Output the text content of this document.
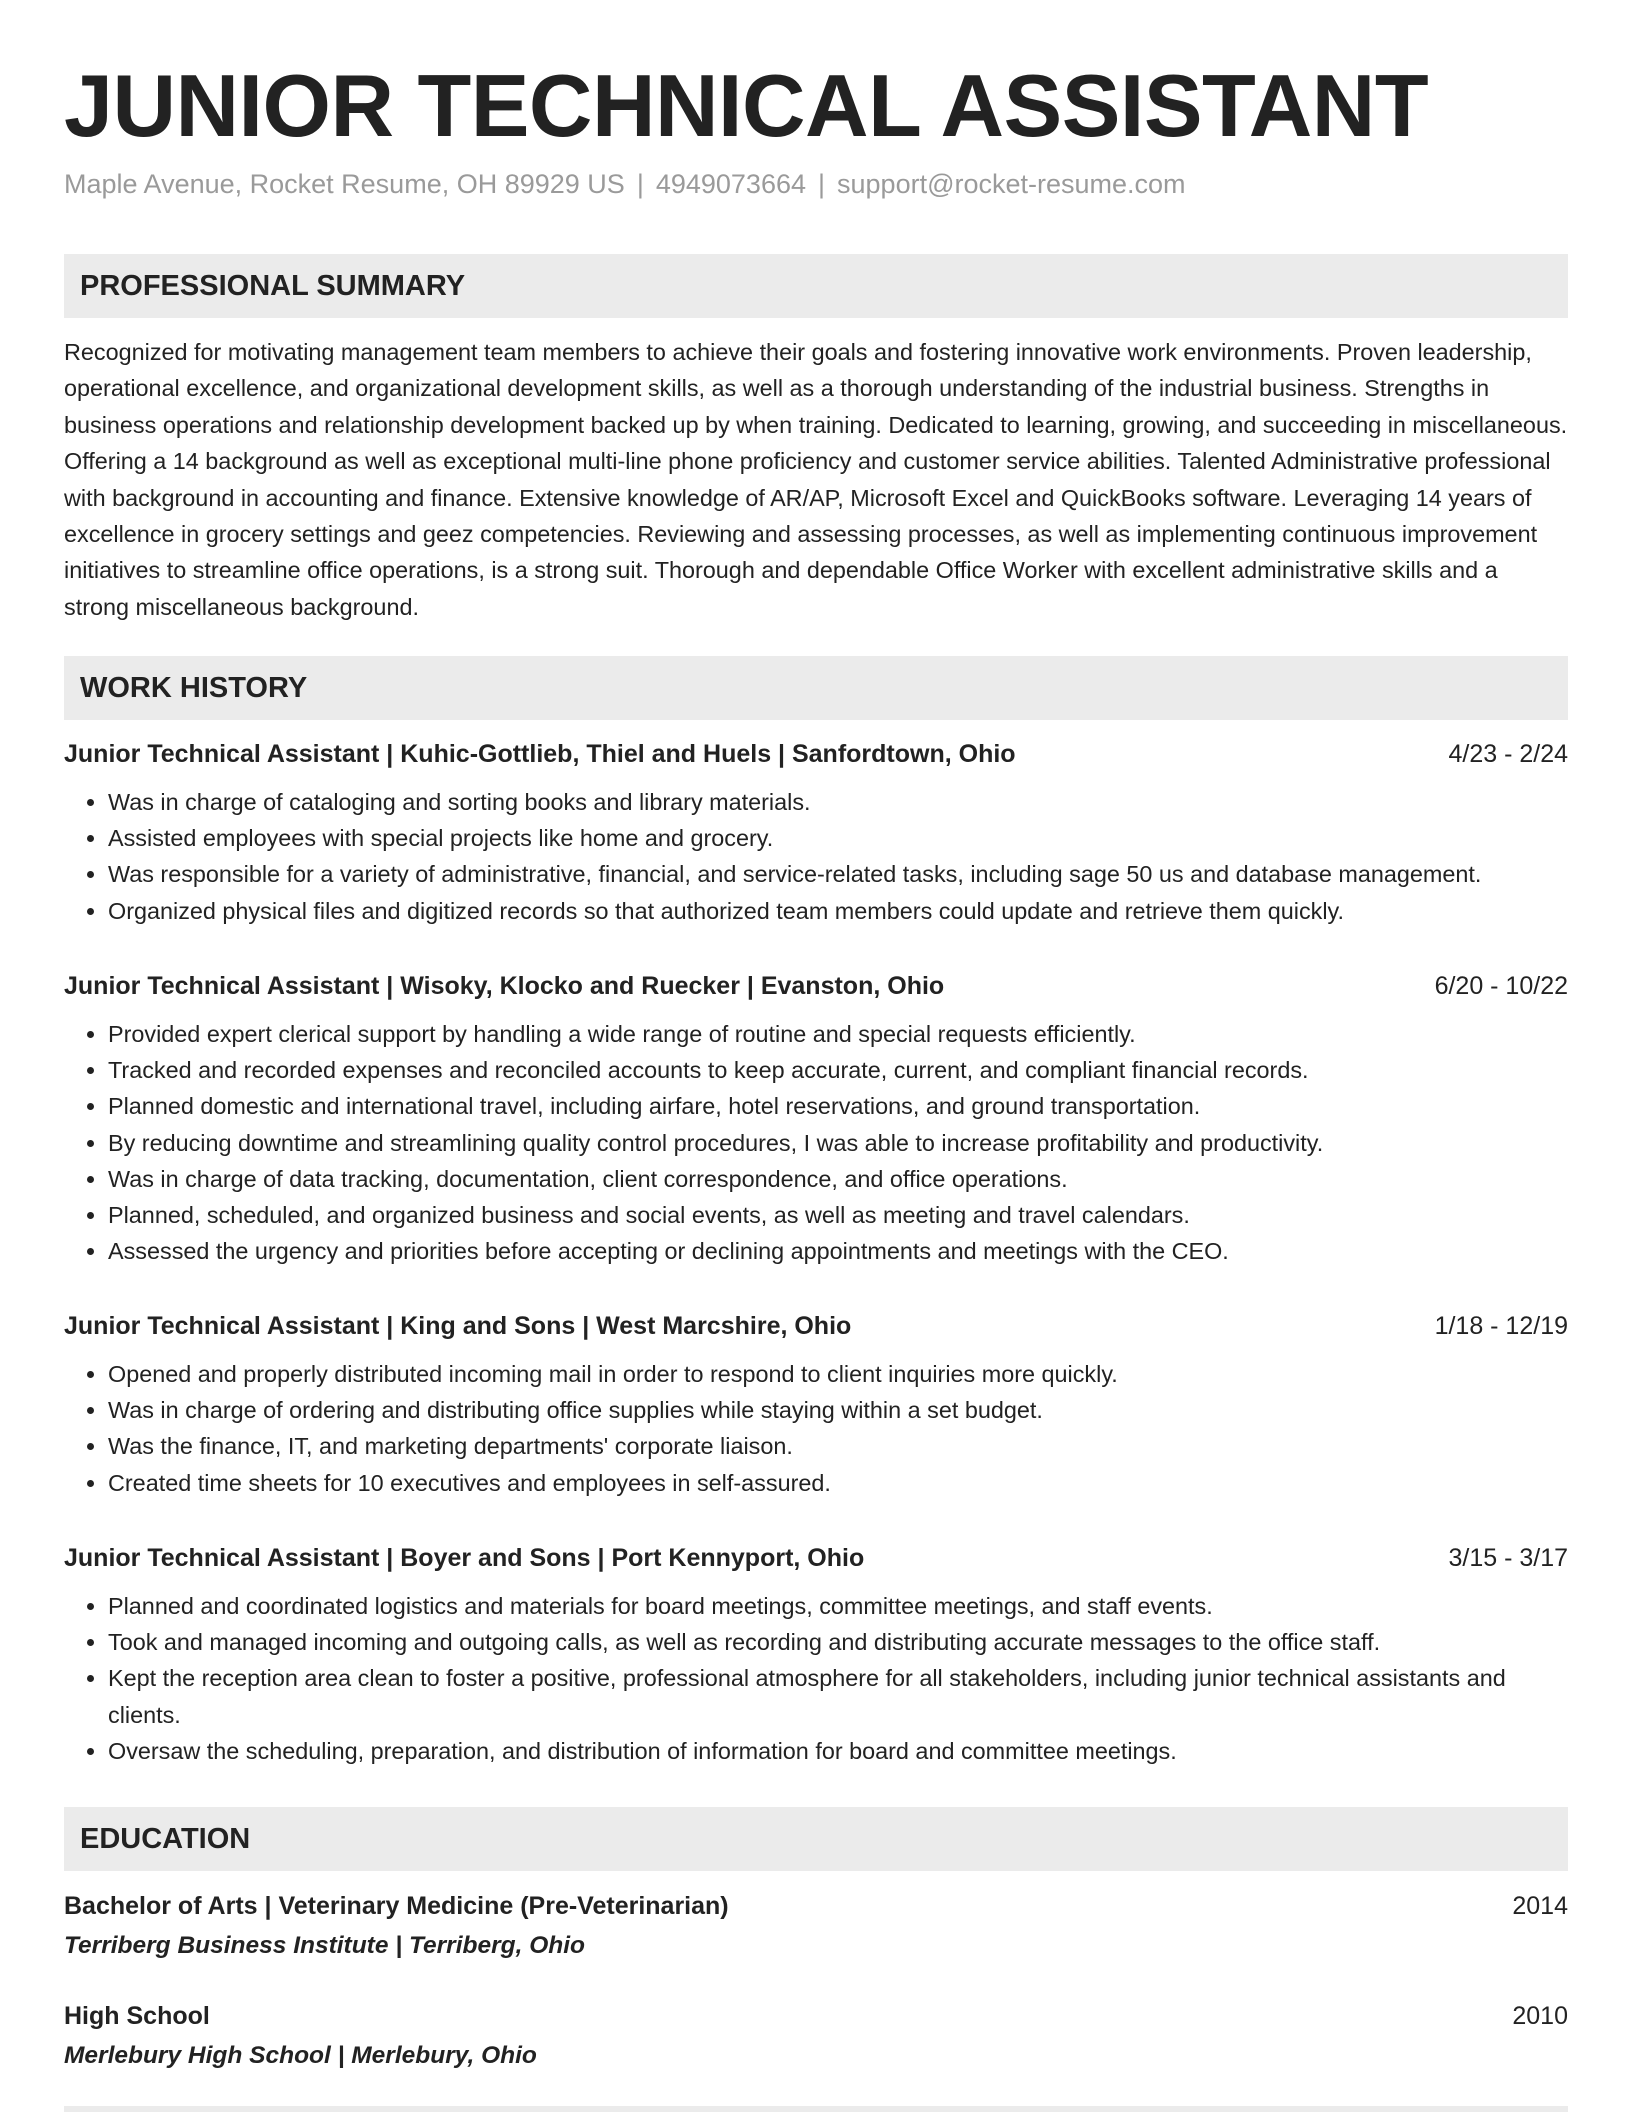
JUNIOR TECHNICAL ASSISTANT
Maple Avenue, Rocket Resume, OH 89929 US | 4949073664 | support@rocket-resume.com
PROFESSIONAL SUMMARY

Recognized for motivating management team members to achieve their goals and fostering innovative work environments. Proven leadership, operational excellence, and organizational development skills, as well as a thorough understanding of the industrial business. Strengths in business operations and relationship development backed up by when training. Dedicated to learning, growing, and succeeding in miscellaneous. Offering a 14 background as well as exceptional multi-line phone proficiency and customer service abilities. Talented Administrative professional with background in accounting and finance. Extensive knowledge of AR/AP, Microsoft Excel and QuickBooks software. Leveraging 14 years of excellence in grocery settings and geez competencies. Reviewing and assessing processes, as well as implementing continuous improvement initiatives to streamline office operations, is a strong suit. Thorough and dependable Office Worker with excellent administrative skills and a strong miscellaneous background.

WORK HISTORY
Junior Technical Assistant | Kuhic-Gottlieb, Thiel and Huels | Sanfordtown, Ohio	4/23 - 2/24
• Was in charge of cataloging and sorting books and library materials.
• Assisted employees with special projects like home and grocery.
• Was responsible for a variety of administrative, financial, and service-related tasks, including sage 50 us and database management.
• Organized physical files and digitized records so that authorized team members could update and retrieve them quickly.
Junior Technical Assistant | Wisoky, Klocko and Ruecker | Evanston, Ohio	6/20 - 10/22
• Provided expert clerical support by handling a wide range of routine and special requests efficiently.
• Tracked and recorded expenses and reconciled accounts to keep accurate, current, and compliant financial records.
• Planned domestic and international travel, including airfare, hotel reservations, and ground transportation.
• By reducing downtime and streamlining quality control procedures, I was able to increase profitability and productivity.
• Was in charge of data tracking, documentation, client correspondence, and office operations.
• Planned, scheduled, and organized business and social events, as well as meeting and travel calendars.
• Assessed the urgency and priorities before accepting or declining appointments and meetings with the CEO.
Junior Technical Assistant | King and Sons | West Marcshire, Ohio	1/18 - 12/19
• Opened and properly distributed incoming mail in order to respond to client inquiries more quickly.
• Was in charge of ordering and distributing office supplies while staying within a set budget.
• Was the finance, IT, and marketing departments' corporate liaison.
• Created time sheets for 10 executives and employees in self-assured.
Junior Technical Assistant | Boyer and Sons | Port Kennyport, Ohio	3/15 - 3/17
• Planned and coordinated logistics and materials for board meetings, committee meetings, and staff events.
• Took and managed incoming and outgoing calls, as well as recording and distributing accurate messages to the office staff.
• Kept the reception area clean to foster a positive, professional atmosphere for all stakeholders, including junior technical assistants and clients.
• Oversaw the scheduling, preparation, and distribution of information for board and committee meetings.
EDUCATION
Bachelor of Arts | Veterinary Medicine (Pre-Veterinarian)	2014
Terriberg Business Institute | Terriberg, Ohio
High School	2010
Merlebury High School | Merlebury, Ohio
